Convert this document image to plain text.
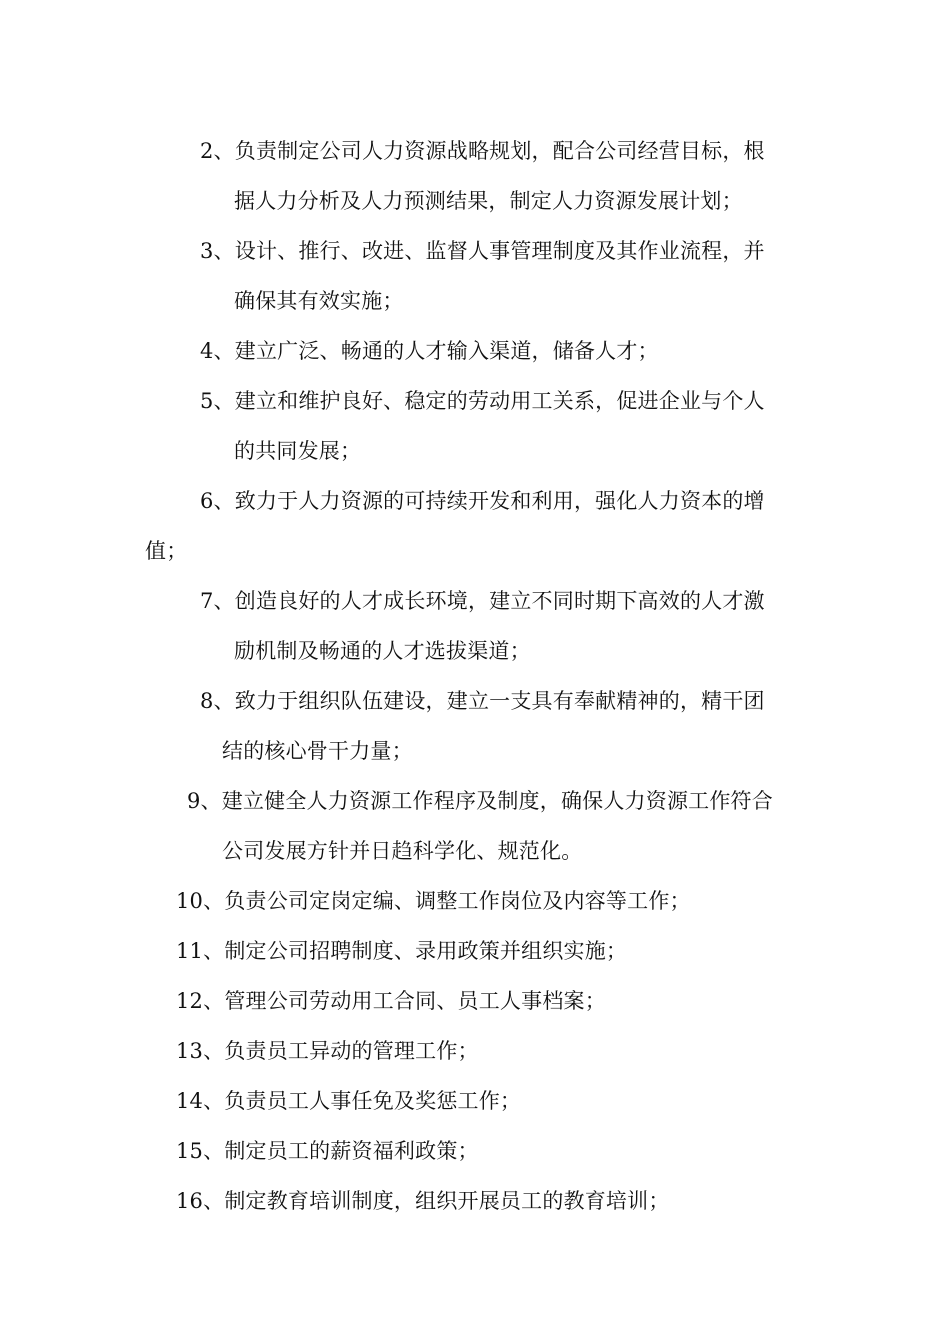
2、负责制定公司人力资源战略规划，配合公司经营目标，根
据人力分析及人力预测结果，制定人力资源发展计划；
3、设计、推行、改进、监督人事管理制度及其作业流程，并
确保其有效实施；
4、建立广泛、畅通的人才输入渠道，储备人才；
5、建立和维护良好、稳定的劳动用工关系，促进企业与个人
的共同发展；
6、致力于人力资源的可持续开发和利用，强化人力资本的增
值；
7、创造良好的人才成长环境，建立不同时期下高效的人才激
励机制及畅通的人才选拔渠道；
8、致力于组织队伍建设，建立一支具有奉献精神的，精干团
结的核心骨干力量；
9、建立健全人力资源工作程序及制度，确保人力资源工作符合
公司发展方针并日趋科学化、规范化。
10、负责公司定岗定编、调整工作岗位及内容等工作；
11、制定公司招聘制度、录用政策并组织实施；
12、管理公司劳动用工合同、员工人事档案；
13、负责员工异动的管理工作；
14、负责员工人事任免及奖惩工作；
15、制定员工的薪资福利政策；
16、制定教育培训制度，组织开展员工的教育培训；
